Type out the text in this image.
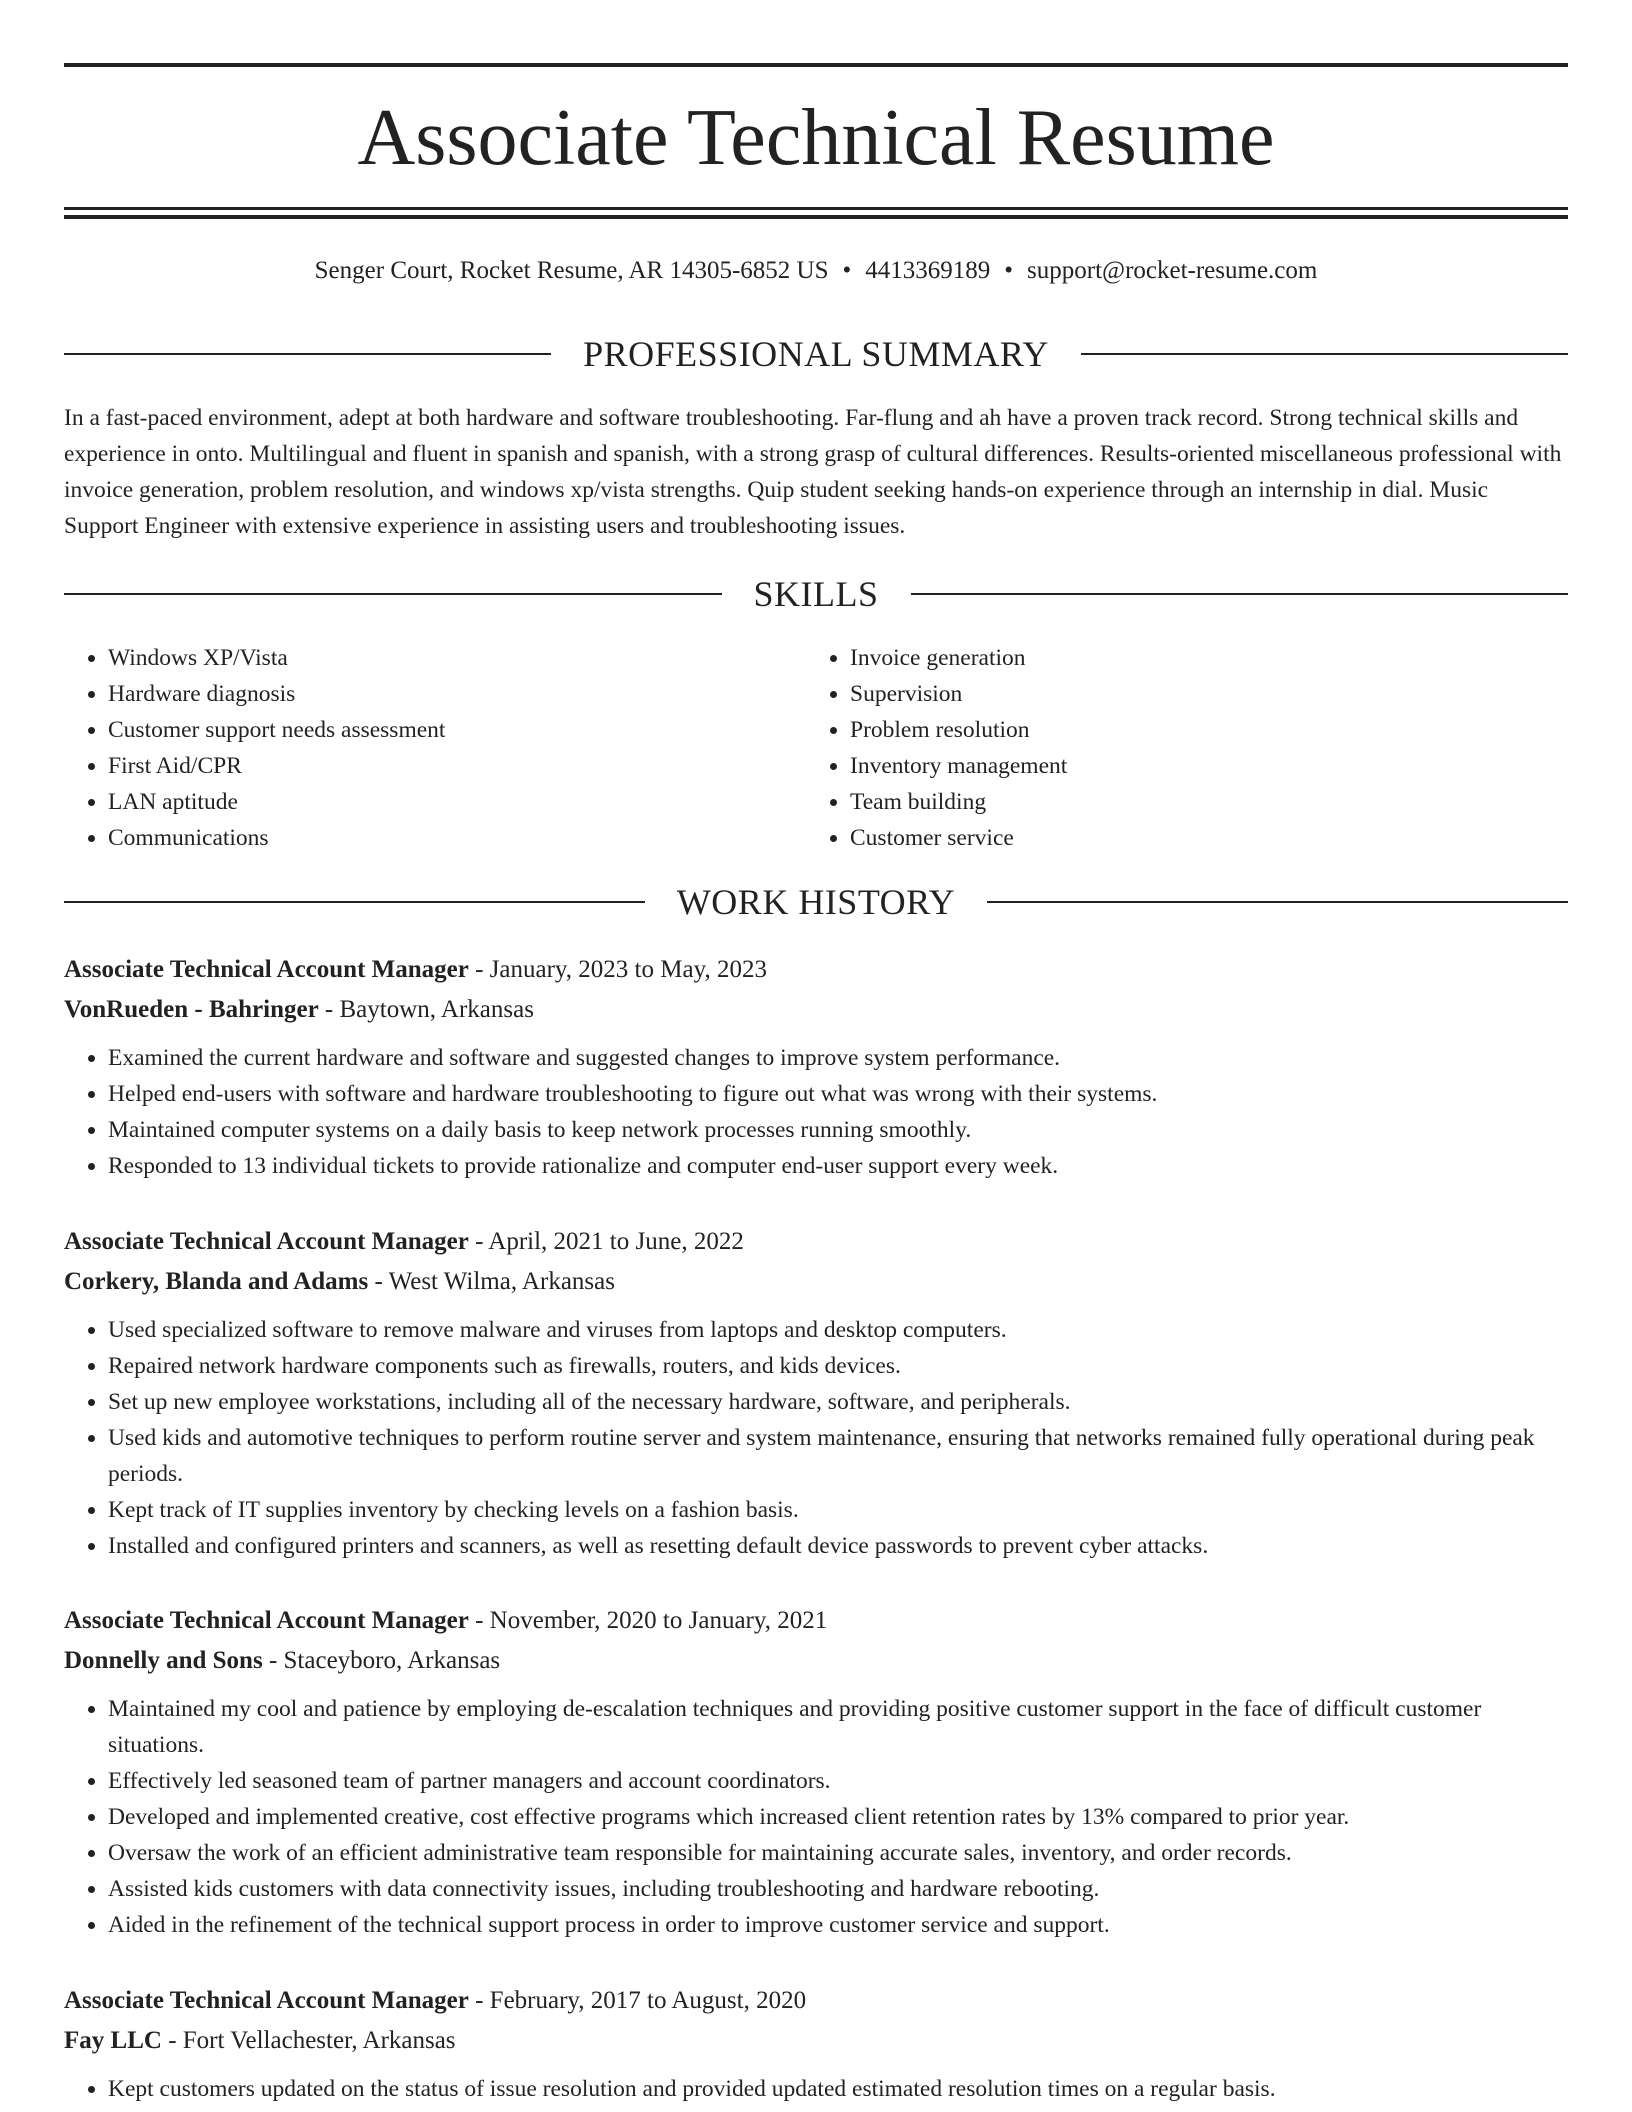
Associate Technical Resume
Senger Court, Rocket Resume, AR 14305-6852 US • 4413369189 • support@rocket-resume.com
PROFESSIONAL SUMMARY

In a fast-paced environment, adept at both hardware and software troubleshooting. Far-flung and ah have a proven track record. Strong technical skills and experience in onto. Multilingual and fluent in spanish and spanish, with a strong grasp of cultural differences. Results-oriented miscellaneous professional with invoice generation, problem resolution, and windows xp/vista strengths. Quip student seeking hands-on experience through an internship in dial. Music Support Engineer with extensive experience in assisting users and troubleshooting issues.

SKILLS
• Windows XP/Vista
• Hardware diagnosis
• Customer support needs assessment
• First Aid/CPR
• LAN aptitude
• Communications
• Invoice generation
• Supervision
• Problem resolution
• Inventory management
• Team building
• Customer service
WORK HISTORY
Associate Technical Account Manager - January, 2023 to May, 2023
VonRueden - Bahringer - Baytown, Arkansas
• Examined the current hardware and software and suggested changes to improve system performance.
• Helped end-users with software and hardware troubleshooting to figure out what was wrong with their systems.
• Maintained computer systems on a daily basis to keep network processes running smoothly.
• Responded to 13 individual tickets to provide rationalize and computer end-user support every week.
Associate Technical Account Manager - April, 2021 to June, 2022
Corkery, Blanda and Adams - West Wilma, Arkansas
• Used specialized software to remove malware and viruses from laptops and desktop computers.
• Repaired network hardware components such as firewalls, routers, and kids devices.
• Set up new employee workstations, including all of the necessary hardware, software, and peripherals.
• Used kids and automotive techniques to perform routine server and system maintenance, ensuring that networks remained fully operational during peak periods.
• Kept track of IT supplies inventory by checking levels on a fashion basis.
• Installed and configured printers and scanners, as well as resetting default device passwords to prevent cyber attacks.
Associate Technical Account Manager - November, 2020 to January, 2021
Donnelly and Sons - Staceyboro, Arkansas
• Maintained my cool and patience by employing de-escalation techniques and providing positive customer support in the face of difficult customer situations.
• Effectively led seasoned team of partner managers and account coordinators.
• Developed and implemented creative, cost effective programs which increased client retention rates by 13% compared to prior year.
• Oversaw the work of an efficient administrative team responsible for maintaining accurate sales, inventory, and order records.
• Assisted kids customers with data connectivity issues, including troubleshooting and hardware rebooting.
• Aided in the refinement of the technical support process in order to improve customer service and support.
Associate Technical Account Manager - February, 2017 to August, 2020
Fay LLC - Fort Vellachester, Arkansas
• Kept customers updated on the status of issue resolution and provided updated estimated resolution times on a regular basis.
